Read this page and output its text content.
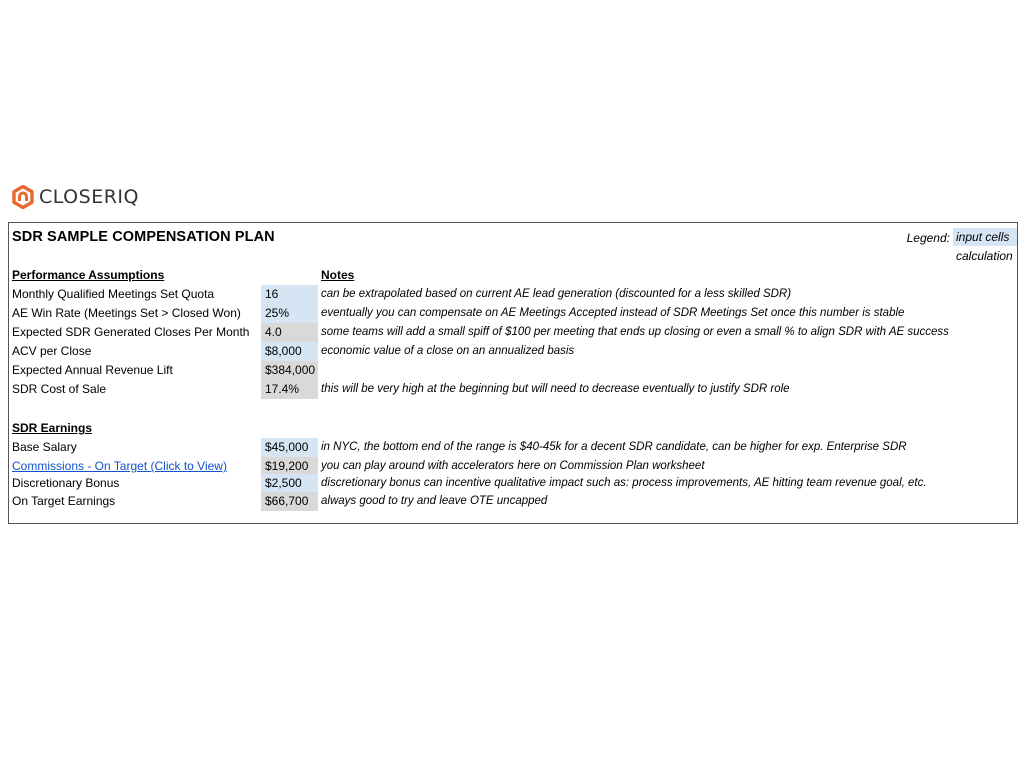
CLOSERIQ
SDR SAMPLE COMPENSATION PLAN	Legend: input cells
calculation
Performance Assumptions	Notes
Monthly Qualified Meetings Set Quota	16	can be extrapolated based on current AE lead generation (discounted for a less skilled SDR)
AE Win Rate (Meetings Set > Closed Won)	25%	eventually you can compensate on AE Meetings Accepted instead of SDR Meetings Set once this number is stable
Expected SDR Generated Closes Per Month	4.0	some teams will add a small spiff of $100 per meeting that ends up closing or even a small % to align SDR with AE success
ACV per Close	$8,000	economic value of a close on an annualized basis
Expected Annual Revenue Lift	$384,000
SDR Cost of Sale	17.4%	this will be very high at the beginning but will need to decrease eventually to justify SDR role
SDR Earnings
Base Salary	$45,000	in NYC, the bottom end of the range is $40-45k for a decent SDR candidate, can be higher for exp. Enterprise SDR
Commissions - On Target (Click to View)	$19,200	you can play around with accelerators here on Commission Plan worksheet
Discretionary Bonus	$2,500	discretionary bonus can incentive qualitative impact such as: process improvements, AE hitting team revenue goal, etc.
On Target Earnings	$66,700	always good to try and leave OTE uncapped
